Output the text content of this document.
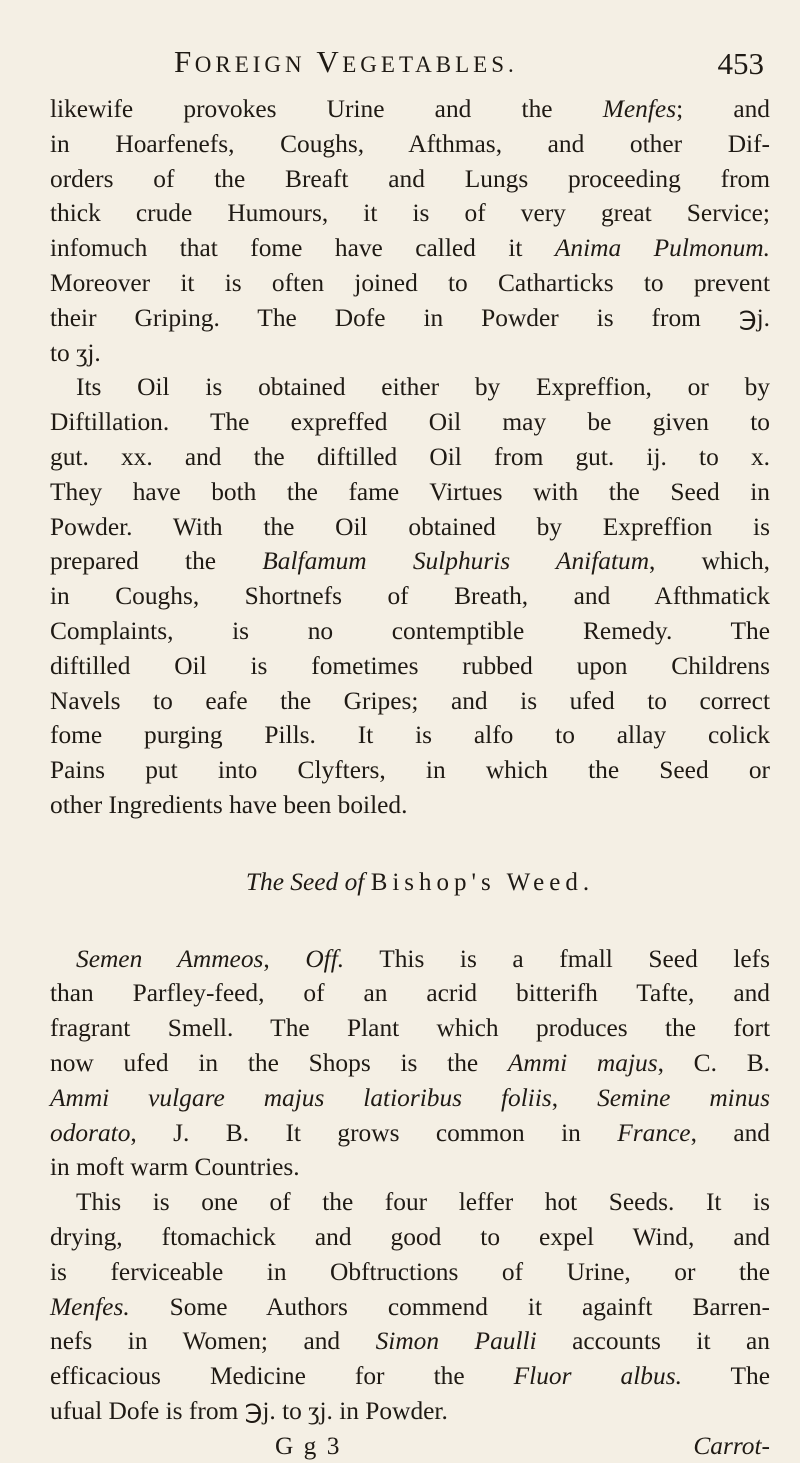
FOREIGN VEGETABLES.	453
likewife provokes Urine and the Menfes; and
in Hoarfenefs, Coughs, Afthmas, and other Dif-
orders of the Breaft and Lungs proceeding from
thick crude Humours, it is of very great Service;
infomuch that fome have called it Anima Pulmonum.
Moreover it is often joined to Catharticks to prevent
their Griping. The Dofe in Powder is from ℈j.
to ʒj.
Its Oil is obtained either by Expreffion, or by
Diftillation. The expreffed Oil may be given to
gut. xx. and the diftilled Oil from gut. ij. to x.
They have both the fame Virtues with the Seed in
Powder. With the Oil obtained by Expreffion is
prepared the Balfamum Sulphuris Anifatum, which,
in Coughs, Shortnefs of Breath, and Afthmatick
Complaints, is no contemptible Remedy. The
diftilled Oil is fometimes rubbed upon Childrens
Navels to eafe the Gripes; and is ufed to correct
fome purging Pills. It is alfo to allay colick
Pains put into Clyfters, in which the Seed or
other Ingredients have been boiled.
The Seed of Bishop's Weed.
Semen Ammeos, Off. This is a fmall Seed lefs
than Parfley-feed, of an acrid bitterifh Tafte, and
fragrant Smell. The Plant which produces the fort
now ufed in the Shops is the Ammi majus, C. B.
Ammi vulgare majus latioribus foliis, Semine minus
odorato, J. B. It grows common in France, and
in moft warm Countries.
This is one of the four leffer hot Seeds. It is
drying, ftomachick and good to expel Wind, and
is ferviceable in Obftructions of Urine, or the
Menfes. Some Authors commend it againft Barren-
nefs in Women; and Simon Paulli accounts it an
efficacious Medicine for the Fluor albus. The
ufual Dofe is from ℈j. to ʒj. in Powder.
G g 3	Carrot-
